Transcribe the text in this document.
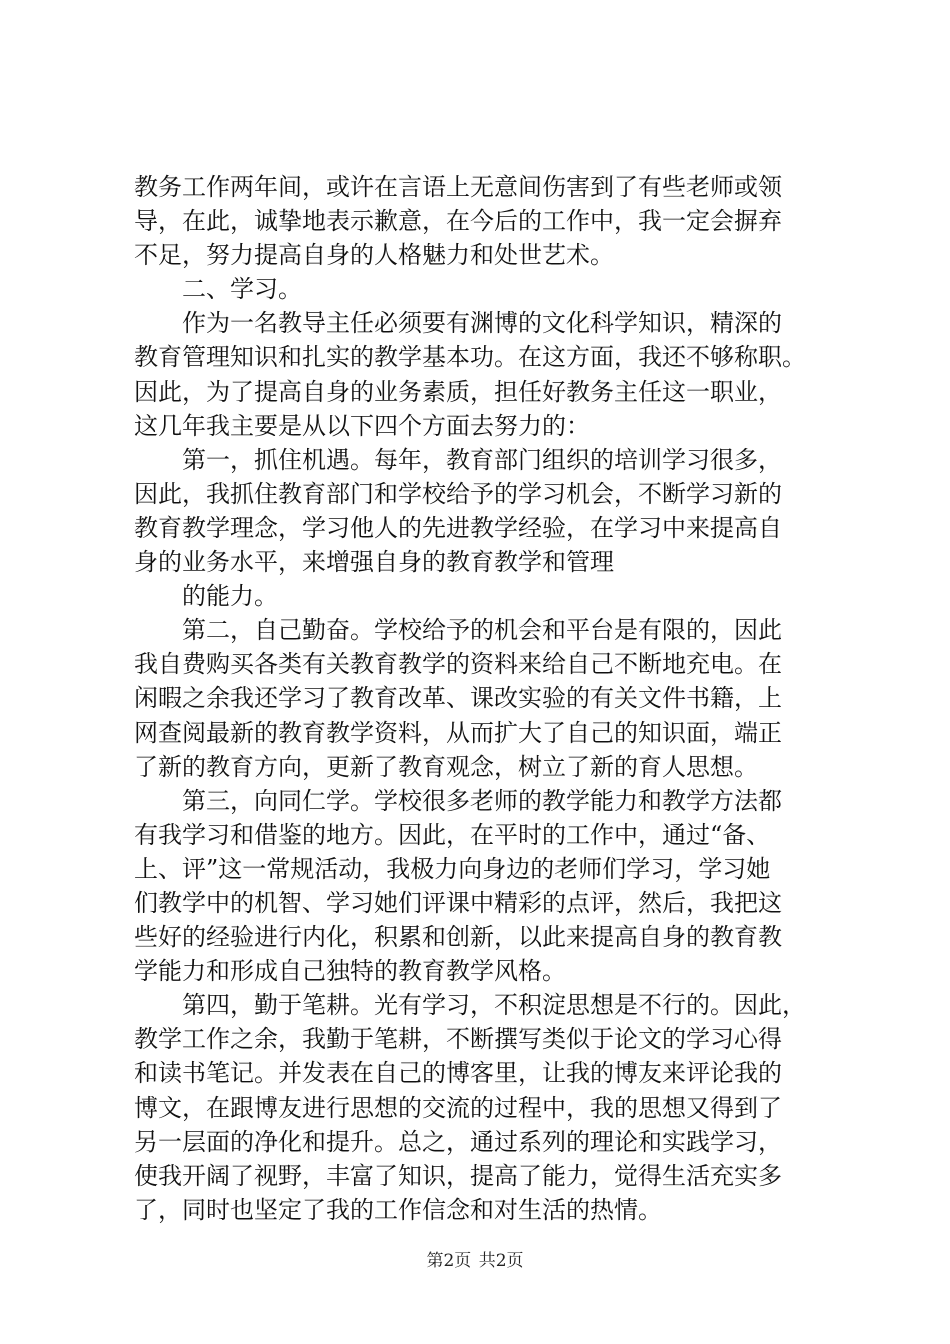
教务工作两年间，或许在言语上无意间伤害到了有些老师或领
导，在此，诚挚地表示歉意，在今后的工作中，我一定会摒弃
不足，努力提高自身的人格魅力和处世艺术。
二、学习。
作为一名教导主任必须要有渊博的文化科学知识，精深的
教育管理知识和扎实的教学基本功。在这方面，我还不够称职。
因此，为了提高自身的业务素质，担任好教务主任这一职业，
这几年我主要是从以下四个方面去努力的：
第一，抓住机遇。每年，教育部门组织的培训学习很多，
因此，我抓住教育部门和学校给予的学习机会，不断学习新的
教育教学理念，学习他人的先进教学经验，在学习中来提高自
身的业务水平，来增强自身的教育教学和管理
的能力。
第二，自己勤奋。学校给予的机会和平台是有限的，因此
我自费购买各类有关教育教学的资料来给自己不断地充电。在
闲暇之余我还学习了教育改革、课改实验的有关文件书籍，上
网查阅最新的教育教学资料，从而扩大了自己的知识面，端正
了新的教育方向，更新了教育观念，树立了新的育人思想。
第三，向同仁学。学校很多老师的教学能力和教学方法都
有我学习和借鉴的地方。因此，在平时的工作中，通过“备、
上、评”这一常规活动，我极力向身边的老师们学习，学习她
们教学中的机智、学习她们评课中精彩的点评，然后，我把这
些好的经验进行内化，积累和创新，以此来提高自身的教育教
学能力和形成自己独特的教育教学风格。
第四，勤于笔耕。光有学习，不积淀思想是不行的。因此，
教学工作之余，我勤于笔耕，不断撰写类似于论文的学习心得
和读书笔记。并发表在自己的博客里，让我的博友来评论我的
博文，在跟博友进行思想的交流的过程中，我的思想又得到了
另一层面的净化和提升。总之，通过系列的理论和实践学习，
使我开阔了视野，丰富了知识，提高了能力，觉得生活充实多
了，同时也坚定了我的工作信念和对生活的热情。
第2页 共2页
